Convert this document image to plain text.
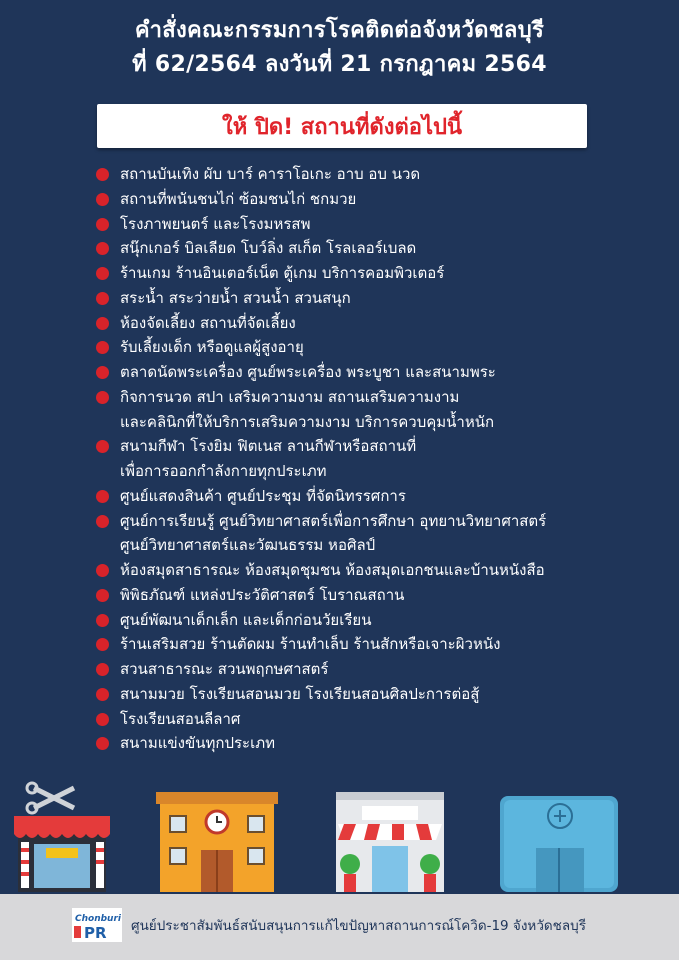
คำสั่งคณะกรรมการโรคติดต่อจังหวัดชลบุรี
ที่ 62/2564 ลงวันที่ 21 กรกฎาคม 2564
ให้ ปิด! สถานที่ดังต่อไปนี้
สถานบันเทิง ผับ บาร์ คาราโอเกะ อาบ อบ นวด
สถานที่พนันชนไก่ ซ้อมชนไก่ ชกมวย
โรงภาพยนตร์ และโรงมหรสพ
สนุ๊กเกอร์ บิลเลียด โบว์ลิ่ง สเก็ต โรลเลอร์เบลด
ร้านเกม ร้านอินเตอร์เน็ต ตู้เกม บริการคอมพิวเตอร์
สระน้ำ สระว่ายน้ำ สวนน้ำ สวนสนุก
ห้องจัดเลี้ยง สถานที่จัดเลี้ยง
รับเลี้ยงเด็ก หรือดูแลผู้สูงอายุ
ตลาดนัดพระเครื่อง ศูนย์พระเครื่อง พระบูชา และสนามพระ
กิจการนวด สปา เสริมความงาม สถานเสริมความงาม
และคลินิกที่ให้บริการเสริมความงาม บริการควบคุมน้ำหนัก
สนามกีฬา โรงยิม ฟิตเนส ลานกีฬาหรือสถานที่
เพื่อการออกกำลังกายทุกประเภท
ศูนย์แสดงสินค้า ศูนย์ประชุม ที่จัดนิทรรศการ
ศูนย์การเรียนรู้ ศูนย์วิทยาศาสตร์เพื่อการศึกษา อุทยานวิทยาศาสตร์
ศูนย์วิทยาศาสตร์และวัฒนธรรม หอศิลป์
ห้องสมุดสาธารณะ ห้องสมุดชุมชน ห้องสมุดเอกชนและบ้านหนังสือ
พิพิธภัณฑ์ แหล่งประวัติศาสตร์ โบราณสถาน
ศูนย์พัฒนาเด็กเล็ก และเด็กก่อนวัยเรียน
ร้านเสริมสวย ร้านตัดผม ร้านทำเล็บ ร้านสักหรือเจาะผิวหนัง
สวนสาธารณะ สวนพฤกษศาสตร์
สนามมวย โรงเรียนสอนมวย โรงเรียนสอนศิลปะการต่อสู้
โรงเรียนสอนลีลาศ
สนามแข่งขันทุกประเภท
Chonburi
PR ศูนย์ประชาสัมพันธ์สนับสนุนการแก้ไขปัญหาสถานการณ์โควิด-19 จังหวัดชลบุรี
